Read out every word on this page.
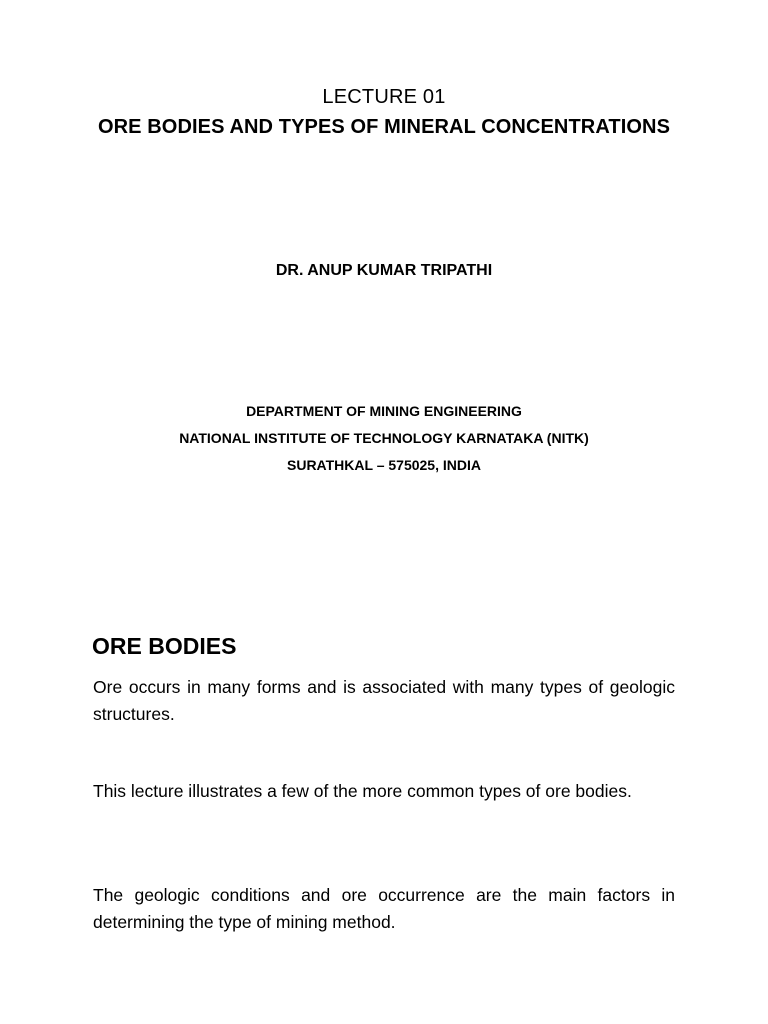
LECTURE 01
ORE BODIES AND TYPES OF MINERAL CONCENTRATIONS
DR. ANUP KUMAR TRIPATHI
DEPARTMENT OF MINING ENGINEERING
NATIONAL INSTITUTE OF TECHNOLOGY KARNATAKA (NITK)
SURATHKAL – 575025, INDIA
ORE BODIES

Ore occurs in many forms and is associated with many types of geologic structures.

This lecture illustrates a few of the more common types of ore bodies.

The geologic conditions and ore occurrence are the main factors in determining the type of mining method.
